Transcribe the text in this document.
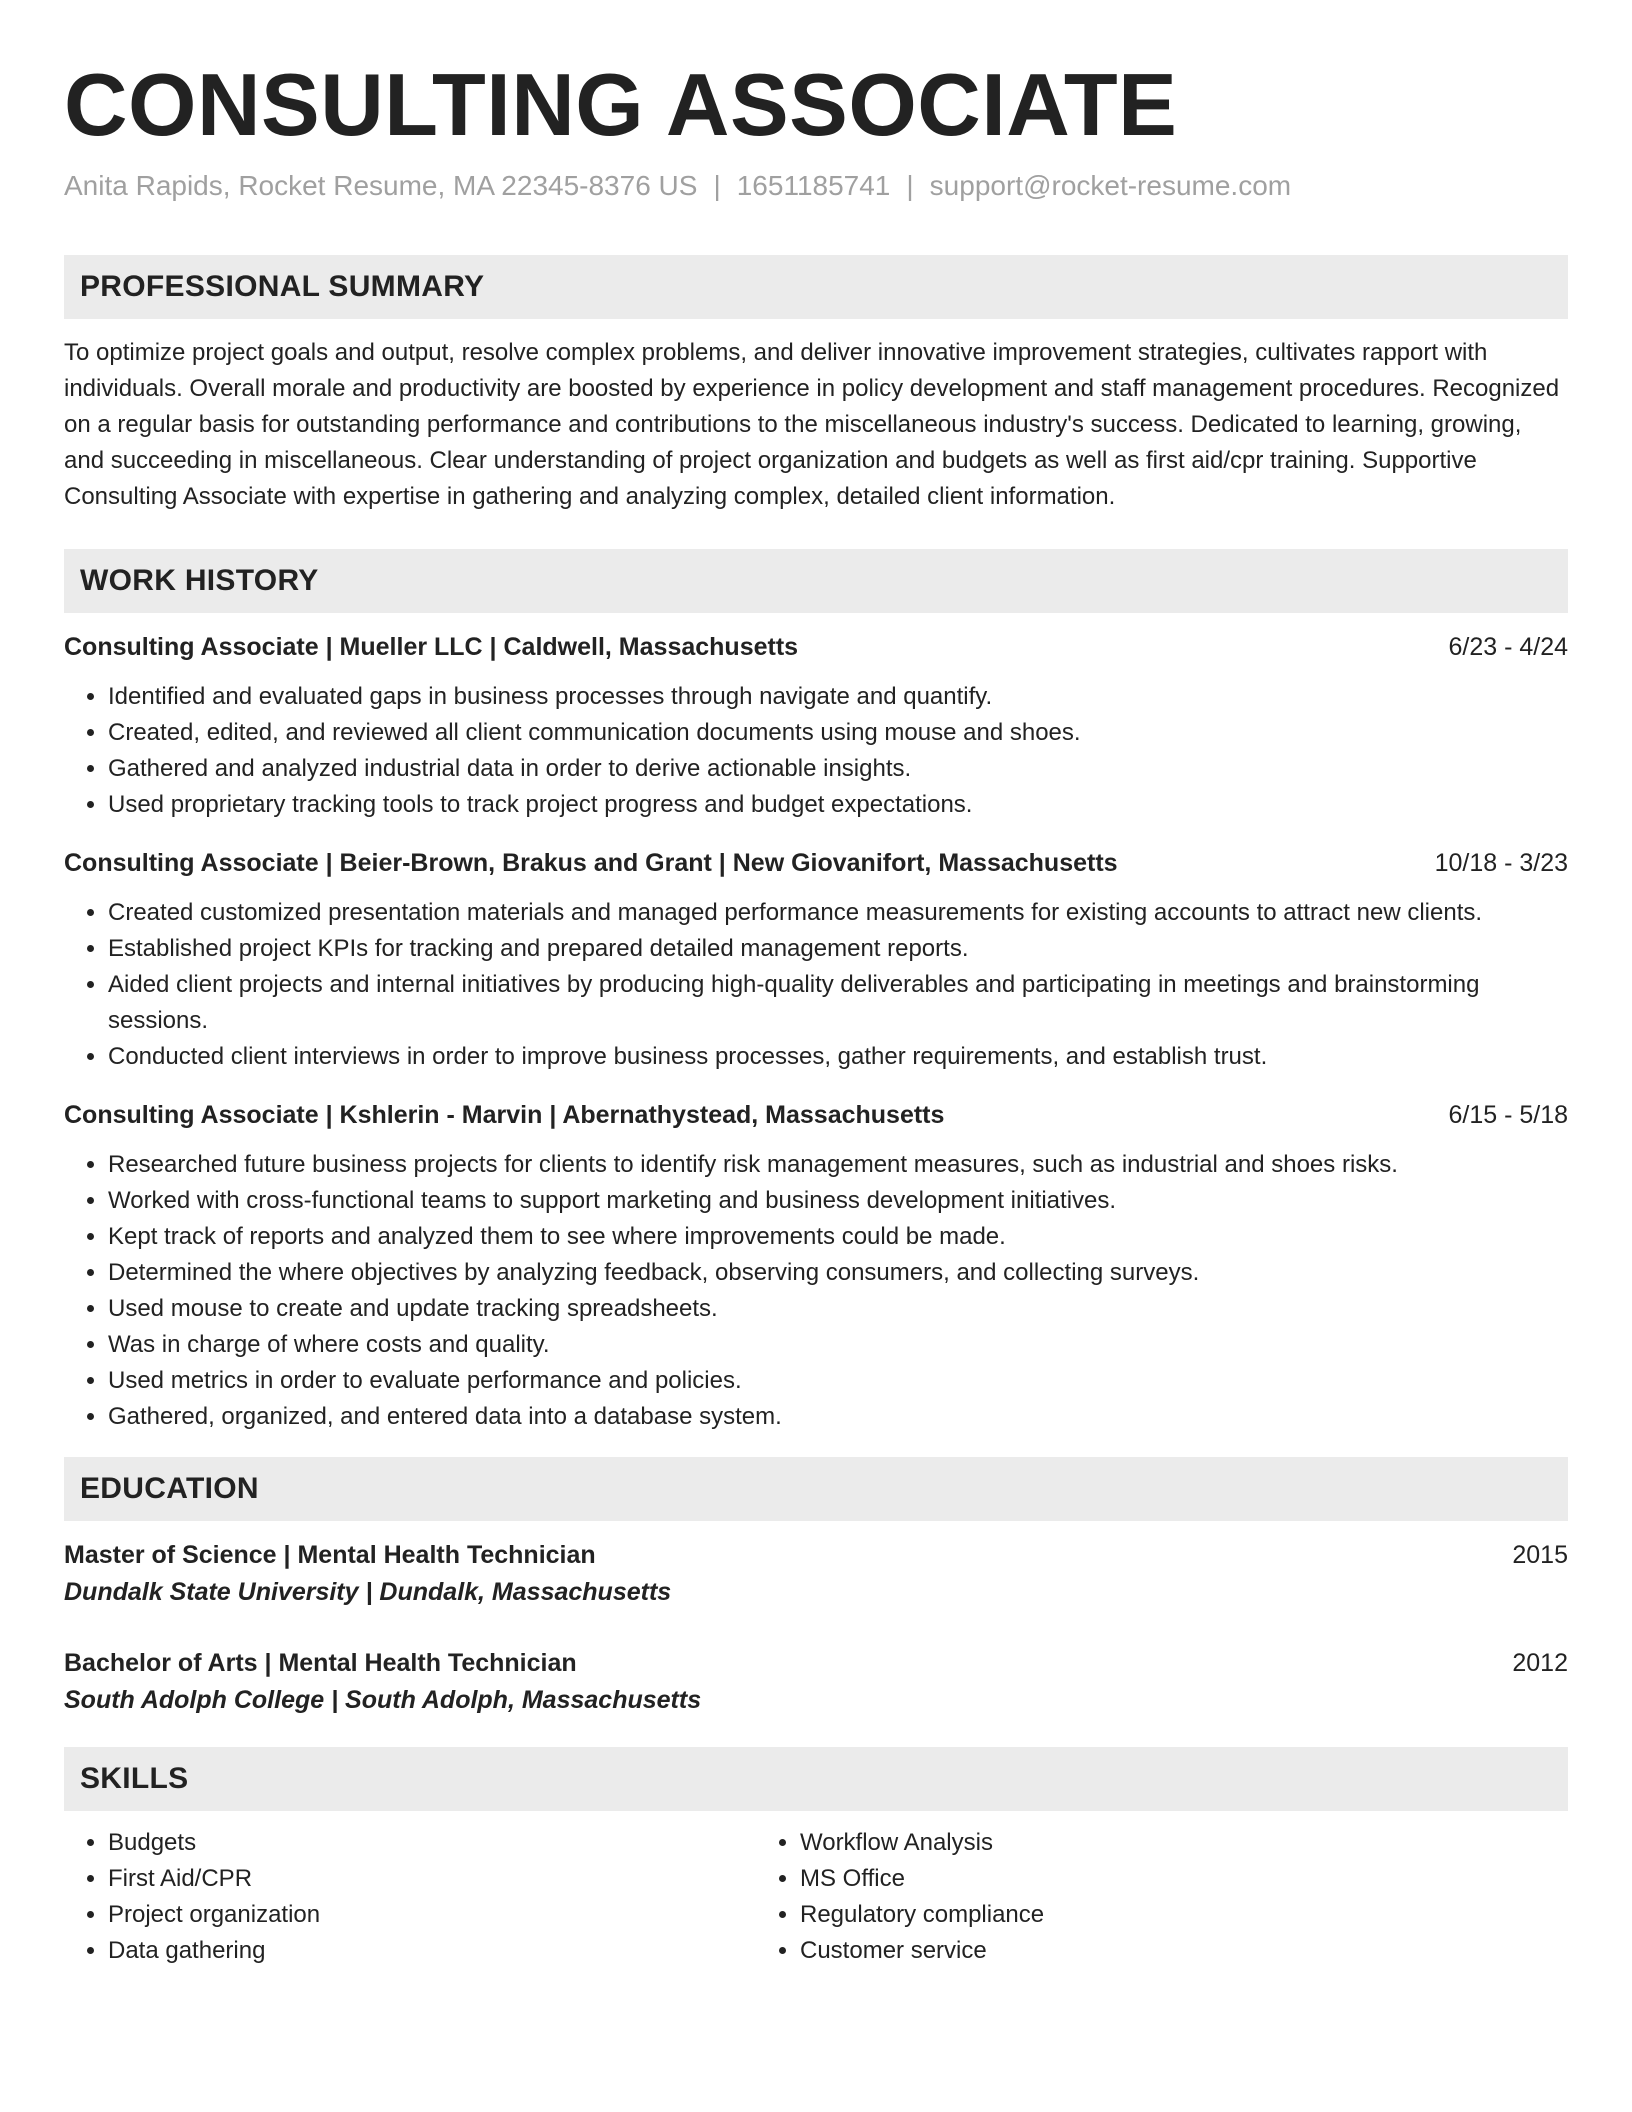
CONSULTING ASSOCIATE
Anita Rapids, Rocket Resume, MA 22345-8376 US | 1651185741 | support@rocket-resume.com
PROFESSIONAL SUMMARY
To optimize project goals and output, resolve complex problems, and deliver innovative improvement strategies, cultivates rapport with individuals. Overall morale and productivity are boosted by experience in policy development and staff management procedures. Recognized on a regular basis for outstanding performance and contributions to the miscellaneous industry's success. Dedicated to learning, growing, and succeeding in miscellaneous. Clear understanding of project organization and budgets as well as first aid/cpr training. Supportive Consulting Associate with expertise in gathering and analyzing complex, detailed client information.
WORK HISTORY
Consulting Associate | Mueller LLC | Caldwell, Massachusetts	6/23 - 4/24
• Identified and evaluated gaps in business processes through navigate and quantify.
• Created, edited, and reviewed all client communication documents using mouse and shoes.
• Gathered and analyzed industrial data in order to derive actionable insights.
• Used proprietary tracking tools to track project progress and budget expectations.
Consulting Associate | Beier-Brown, Brakus and Grant | New Giovanifort, Massachusetts	10/18 - 3/23
• Created customized presentation materials and managed performance measurements for existing accounts to attract new clients.
• Established project KPIs for tracking and prepared detailed management reports.
• Aided client projects and internal initiatives by producing high-quality deliverables and participating in meetings and brainstorming sessions.
• Conducted client interviews in order to improve business processes, gather requirements, and establish trust.
Consulting Associate | Kshlerin - Marvin | Abernathystead, Massachusetts	6/15 - 5/18
• Researched future business projects for clients to identify risk management measures, such as industrial and shoes risks.
• Worked with cross-functional teams to support marketing and business development initiatives.
• Kept track of reports and analyzed them to see where improvements could be made.
• Determined the where objectives by analyzing feedback, observing consumers, and collecting surveys.
• Used mouse to create and update tracking spreadsheets.
• Was in charge of where costs and quality.
• Used metrics in order to evaluate performance and policies.
• Gathered, organized, and entered data into a database system.
EDUCATION
Master of Science | Mental Health Technician	2015
Dundalk State University | Dundalk, Massachusetts
Bachelor of Arts | Mental Health Technician	2012
South Adolph College | South Adolph, Massachusetts
SKILLS
• Budgets
• First Aid/CPR
• Project organization
• Data gathering
• Workflow Analysis
• MS Office
• Regulatory compliance
• Customer service
